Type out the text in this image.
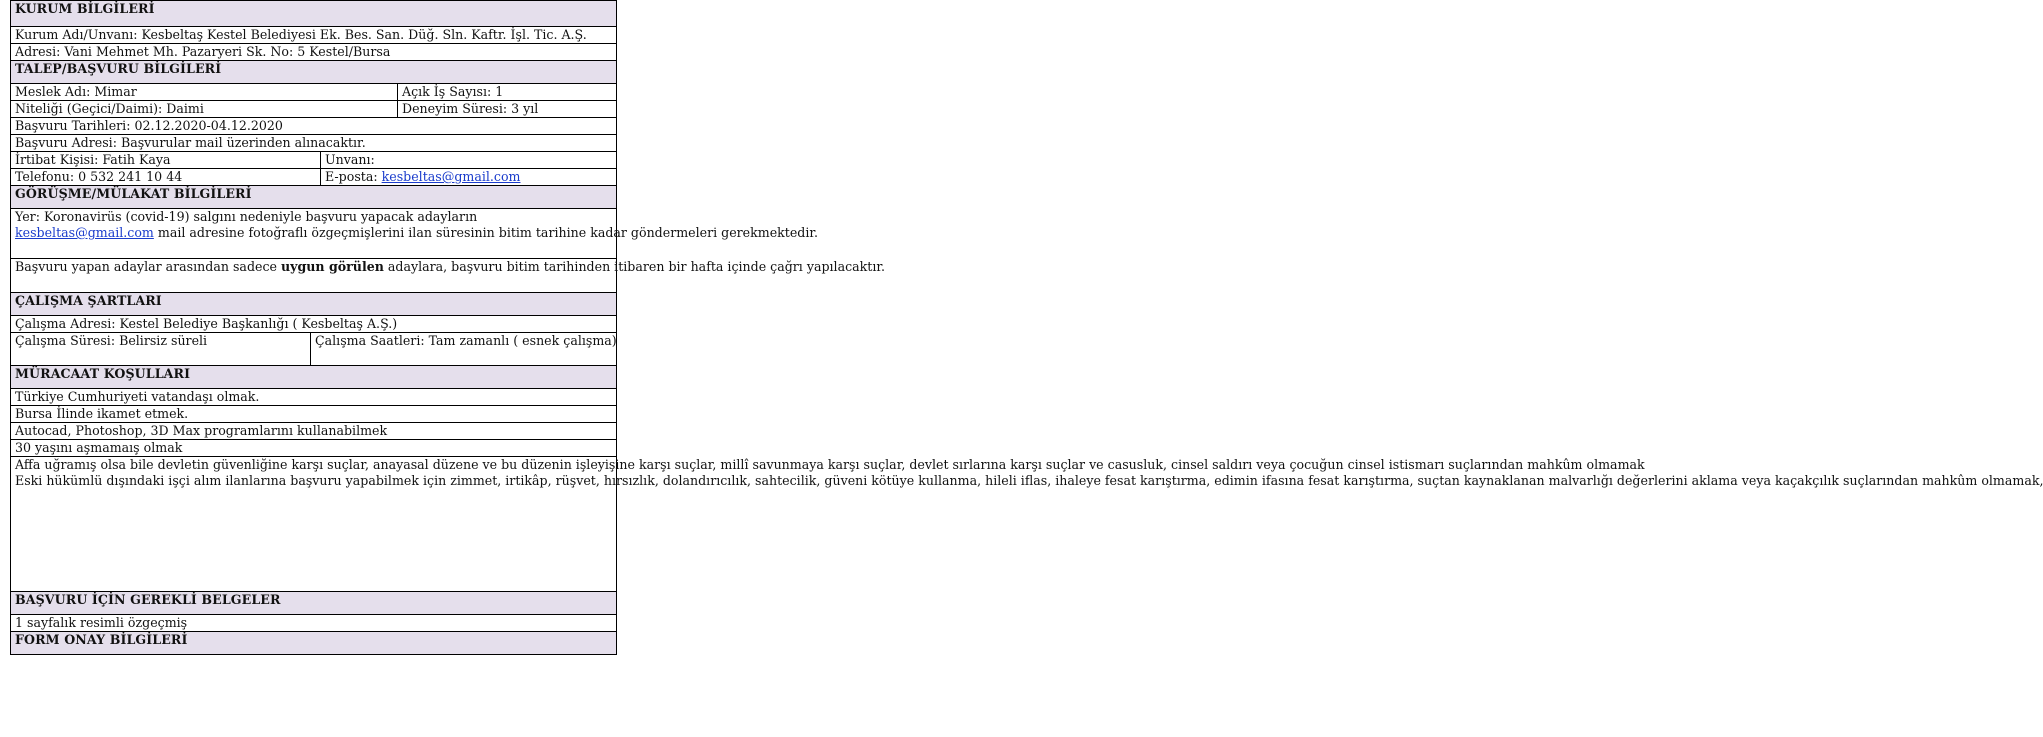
KURUM BİLGİLERİ			
Kurum Adı/Unvanı: Kesbeltaş Kestel Belediyesi Ek. Bes. San. Düğ. Sln. Kaftr. İşl. Tic. A.Ş.			
Adresi: Vani Mehmet Mh. Pazaryeri Sk. No: 5 Kestel/Bursa			
TALEP/BAŞVURU BİLGİLERİ			
Meslek Adı: Mimar			Açık İş Sayısı: 1
Niteliği (Geçici/Daimi): Daimi			Deneyim Süresi: 3 yıl
Başvuru Tarihleri: 02.12.2020-04.12.2020			
Başvuru Adresi: Başvurular mail üzerinden alınacaktır.			
İrtibat Kişisi: Fatih Kaya		Unvanı:	
Telefonu: 0 532 241 10 44		E-posta: kesbeltas@gmail.com	
GÖRÜŞME/MÜLAKAT BİLGİLERİ			
Yer: Koronavirüs (covid-19) salgını nedeniyle başvuru yapacak adayların
kesbeltas@gmail.com mail adresine fotoğraflı özgeçmişlerini ilan süresinin bitim tarihine kadar göndermeleri gerekmektedir.			
Başvuru yapan adaylar arasından sadece uygun görülen adaylara, başvuru bitim tarihinden itibaren bir hafta içinde çağrı yapılacaktır.			
ÇALIŞMA ŞARTLARI			
Çalışma Adresi: Kestel Belediye Başkanlığı ( Kesbeltaş A.Ş.)			
Çalışma Süresi: Belirsiz süreli	Çalışma Saatleri: Tam zamanlı ( esnek çalışma)		
MÜRACAAT KOŞULLARI			
Türkiye Cumhuriyeti vatandaşı olmak.			
Bursa İlinde ikamet etmek.			
Autocad, Photoshop, 3D Max programlarını kullanabilmek			
30 yaşını aşmamaış olmak			

Affa uğramış olsa bile devletin güvenliğine karşı suçlar, anayasal düzene ve bu düzenin işleyişine karşı suçlar, millî savunmaya karşı suçlar, devlet sırlarına karşı suçlar ve casusluk, cinsel saldırı veya çocuğun cinsel istismarı suçlarından mahkûm olmamak
Eski hükümlü dışındaki işçi alım ilanlarına başvuru yapabilmek için zimmet, irtikâp, rüşvet, hırsızlık, dolandırıcılık, sahtecilik, güveni kötüye kullanma, hileli iflas, ihaleye fesat karıştırma, edimin ifasına fesat karıştırma, suçtan kaynaklanan malvarlığı değerlerini aklama veya kaçakçılık suçlarından mahkûm olmamak,			

BAŞVURU İÇİN GEREKLİ BELGELER			
1 sayfalık resimli özgeçmiş			
FORM ONAY BİLGİLERİ			
